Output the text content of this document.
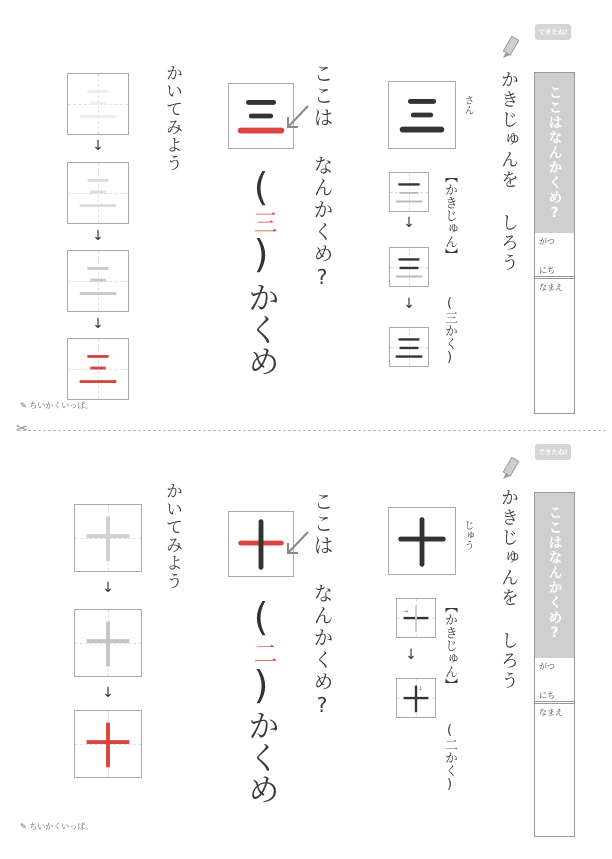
できたね!
ここはなんかくめ?
がつ
にち
なまえ
かきじゅんを しろう
さん
↓
↓
【かきじゅん】
(三かく)
ここは なんかくめ?
(
三
)
かくめ
かいてみよう
↓
↓
↓
✎ ちいかくいっぱ。
✂
できたね!
ここはなんかくめ?
がつ
にち
なまえ
かきじゅんを しろう
じゅう
→
↓
↓ 【かきじゅん】
(二かく)
ここは なんかくめ?
(
二
)
かくめ
かいてみよう
↓
↓
✎ ちいかくいっぱ。
